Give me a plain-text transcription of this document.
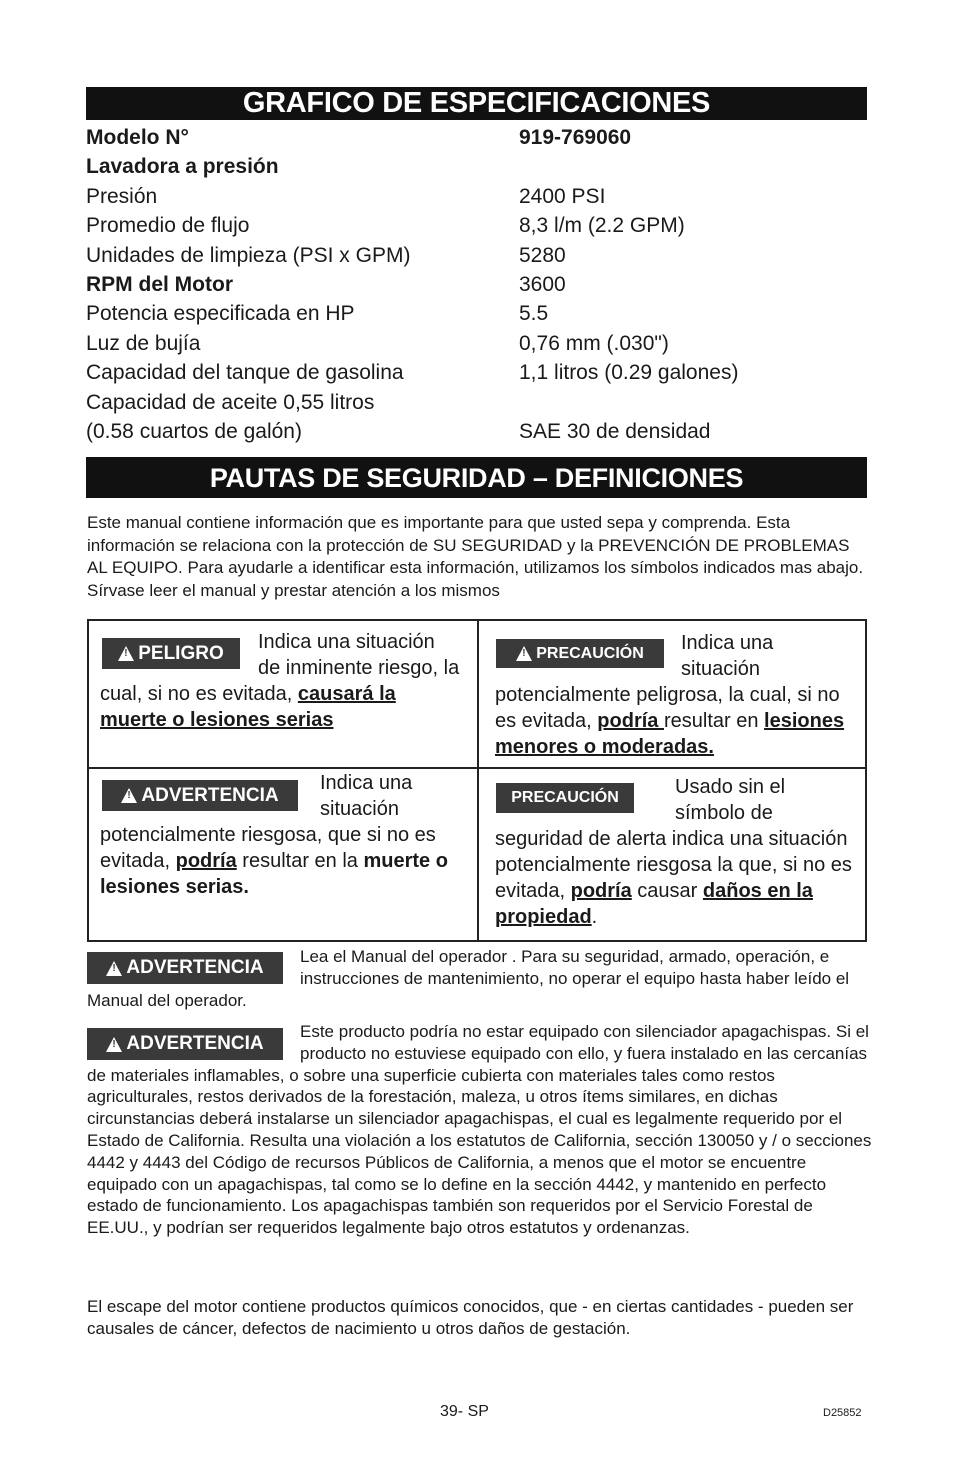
GRAFICO DE ESPECIFICACIONES
Modelo N°	919-769060
Lavadora a presión
Presión	2400 PSI
Promedio de flujo	8,3 l/m (2.2 GPM)
Unidades de limpieza (PSI x GPM)	5280
RPM del Motor	3600
Potencia especificada en HP	5.5
Luz de bujía	0,76 mm (.030")
Capacidad del tanque de gasolina	1,1 litros (0.29 galones)
Capacidad de aceite 0,55 litros
(0.58 cuartos de galón)	SAE 30 de densidad
PAUTAS DE SEGURIDAD – DEFINICIONES
Este manual contiene información que es importante para que usted sepa y comprenda. Esta información se relaciona con la protección de SU SEGURIDAD y la PREVENCIÓN DE PROBLEMAS AL EQUIPO. Para ayudarle a identificar esta información, utilizamos los símbolos indicados mas abajo. Sírvase leer el manual y prestar atención a los mismos
!
PELIGRO	Indica una situación de inminente riesgo, la cual, si no es evitada, causará la muerte o lesiones serias

!
PRECAUCIÓN	Indica una situación potencialmente peligrosa, la cual, si no es evitada, podría resultar en lesiones menores o moderadas.

!
ADVERTENCIA

Indica una situación potencialmente riesgosa, que si no es evitada, podría resultar en la muerte o lesiones serias.

PRECAUCIÓN	Usado sin el símbolo de seguridad de alerta indica una situación potencialmente riesgosa la que, si no es evitada, podría causar daños en la propiedad.

!
ADVERTENCIA
Lea el Manual del operador . Para su seguridad, armado, operación, e instrucciones de mantenimiento, no operar el equipo hasta haber leído el Manual del operador.
!
ADVERTENCIA
Este producto podría no estar equipado con silenciador apagachispas. Si el producto no estuviese equipado con ello, y fuera instalado en las cercanías de materiales inflamables, o sobre una superficie cubierta con materiales tales como restos agriculturales, restos derivados de la forestación, maleza, u otros ítems similares, en dichas circunstancias deberá instalarse un silenciador apagachispas, el cual es legalmente requerido por el Estado de California. Resulta una violación a los estatutos de California, sección 130050 y / o secciones 4442 y 4443 del Código de recursos Públicos de California, a menos que el motor se encuentre equipado con un apagachispas, tal como se lo define en la sección 4442, y mantenido en perfecto estado de funcionamiento. Los apagachispas también son requeridos por el Servicio Forestal de EE.UU., y podrían ser requeridos legalmente bajo otros estatutos y ordenanzas.
El escape del motor contiene productos químicos conocidos, que - en ciertas cantidades - pueden ser causales de cáncer, defectos de nacimiento u otros daños de gestación.
39- SP	D25852
